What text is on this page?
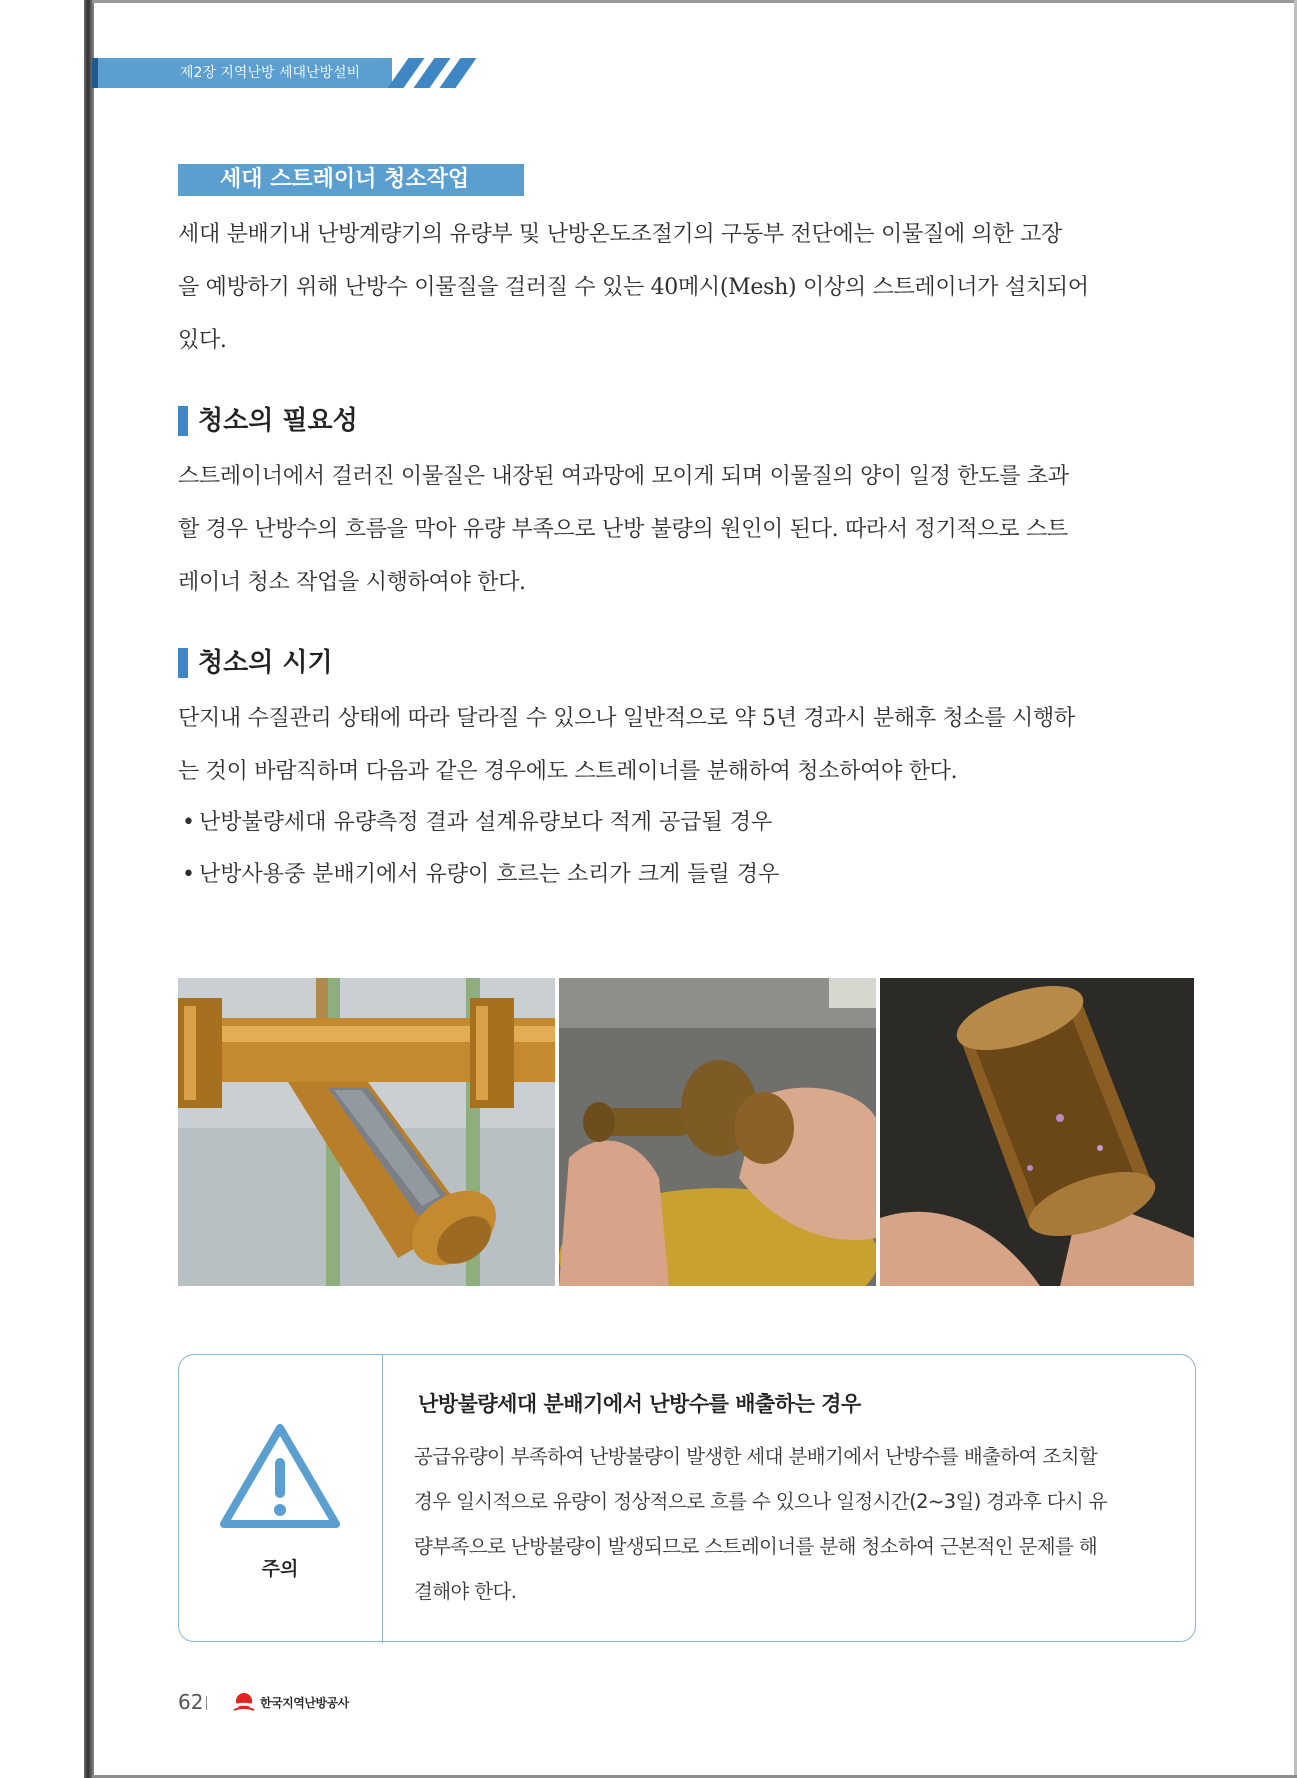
제2장 지역난방 세대난방설비
세대 스트레이너 청소작업
세대 분배기내 난방계량기의 유량부 및 난방온도조절기의 구동부 전단에는 이물질에 의한 고장
을 예방하기 위해 난방수 이물질을 걸러질 수 있는 40메시(Mesh) 이상의 스트레이너가 설치되어
있다.
청소의 필요성
스트레이너에서 걸러진 이물질은 내장된 여과망에 모이게 되며 이물질의 양이 일정 한도를 초과
할 경우 난방수의 흐름을 막아 유량 부족으로 난방 불량의 원인이 된다. 따라서 정기적으로 스트
레이너 청소 작업을 시행하여야 한다.
청소의 시기
단지내 수질관리 상태에 따라 달라질 수 있으나 일반적으로 약 5년 경과시 분해후 청소를 시행하
는 것이 바람직하며 다음과 같은 경우에도 스트레이너를 분해하여 청소하여야 한다.
• 난방불량세대 유량측정 결과 설계유량보다 적게 공급될 경우
• 난방사용중 분배기에서 유량이 흐르는 소리가 크게 들릴 경우
주의
난방불량세대 분배기에서 난방수를 배출하는 경우
공급유량이 부족하여 난방불량이 발생한 세대 분배기에서 난방수를 배출하여 조치할
경우 일시적으로 유량이 정상적으로 흐를 수 있으나 일정시간(2~3일) 경과후 다시 유
량부족으로 난방불량이 발생되므로 스트레이너를 분해 청소하여 근본적인 문제를 해
결해야 한다.
62	한국지역난방공사
